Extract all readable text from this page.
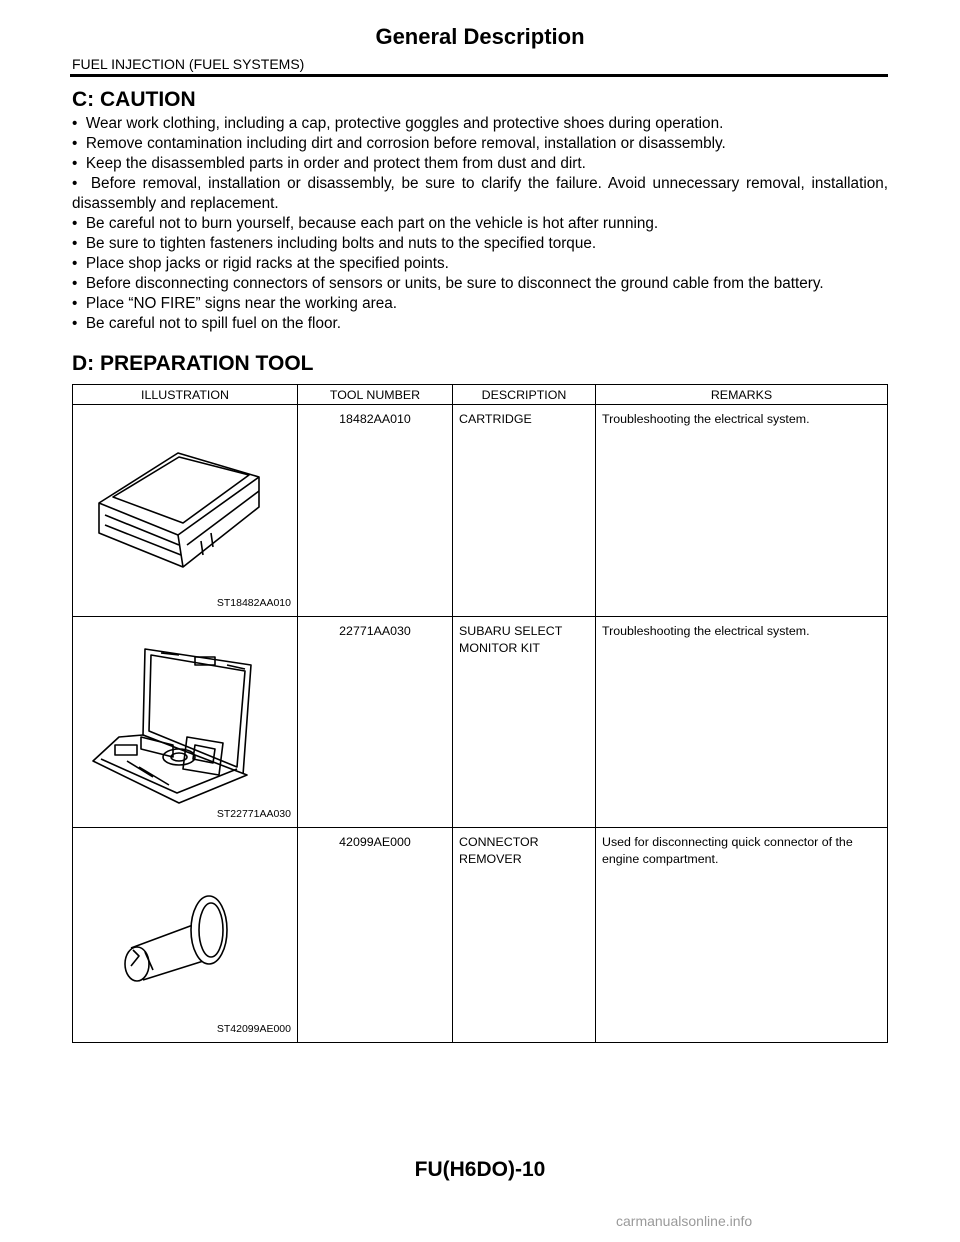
General Description
FUEL INJECTION (FUEL SYSTEMS)
C: CAUTION
•  Wear work clothing, including a cap, protective goggles and protective shoes during operation.
•  Remove contamination including dirt and corrosion before removal, installation or disassembly.
•  Keep the disassembled parts in order and protect them from dust and dirt.
•  Before removal, installation or disassembly, be sure to clarify the failure. Avoid unnecessary removal, installation, disassembly and replacement.
•  Be careful not to burn yourself, because each part on the vehicle is hot after running.
•  Be sure to tighten fasteners including bolts and nuts to the specified torque.
•  Place shop jacks or rigid racks at the specified points.
•  Before disconnecting connectors of sensors or units, be sure to disconnect the ground cable from the battery.
•  Place “NO FIRE” signs near the working area.
•  Be careful not to spill fuel on the floor.
D: PREPARATION TOOL
ILLUSTRATION	TOOL NUMBER	DESCRIPTION	REMARKS

ST18482AA010	18482AA010	CARTRIDGE	Troubleshooting the electrical system.

ST22771AA030	22771AA030	SUBARU SELECT MONITOR KIT	Troubleshooting the electrical system.

ST42099AE000	42099AE000	CONNECTOR REMOVER	Used for disconnecting quick connector of the engine compartment.
FU(H6DO)-10
carmanualsonline.info
